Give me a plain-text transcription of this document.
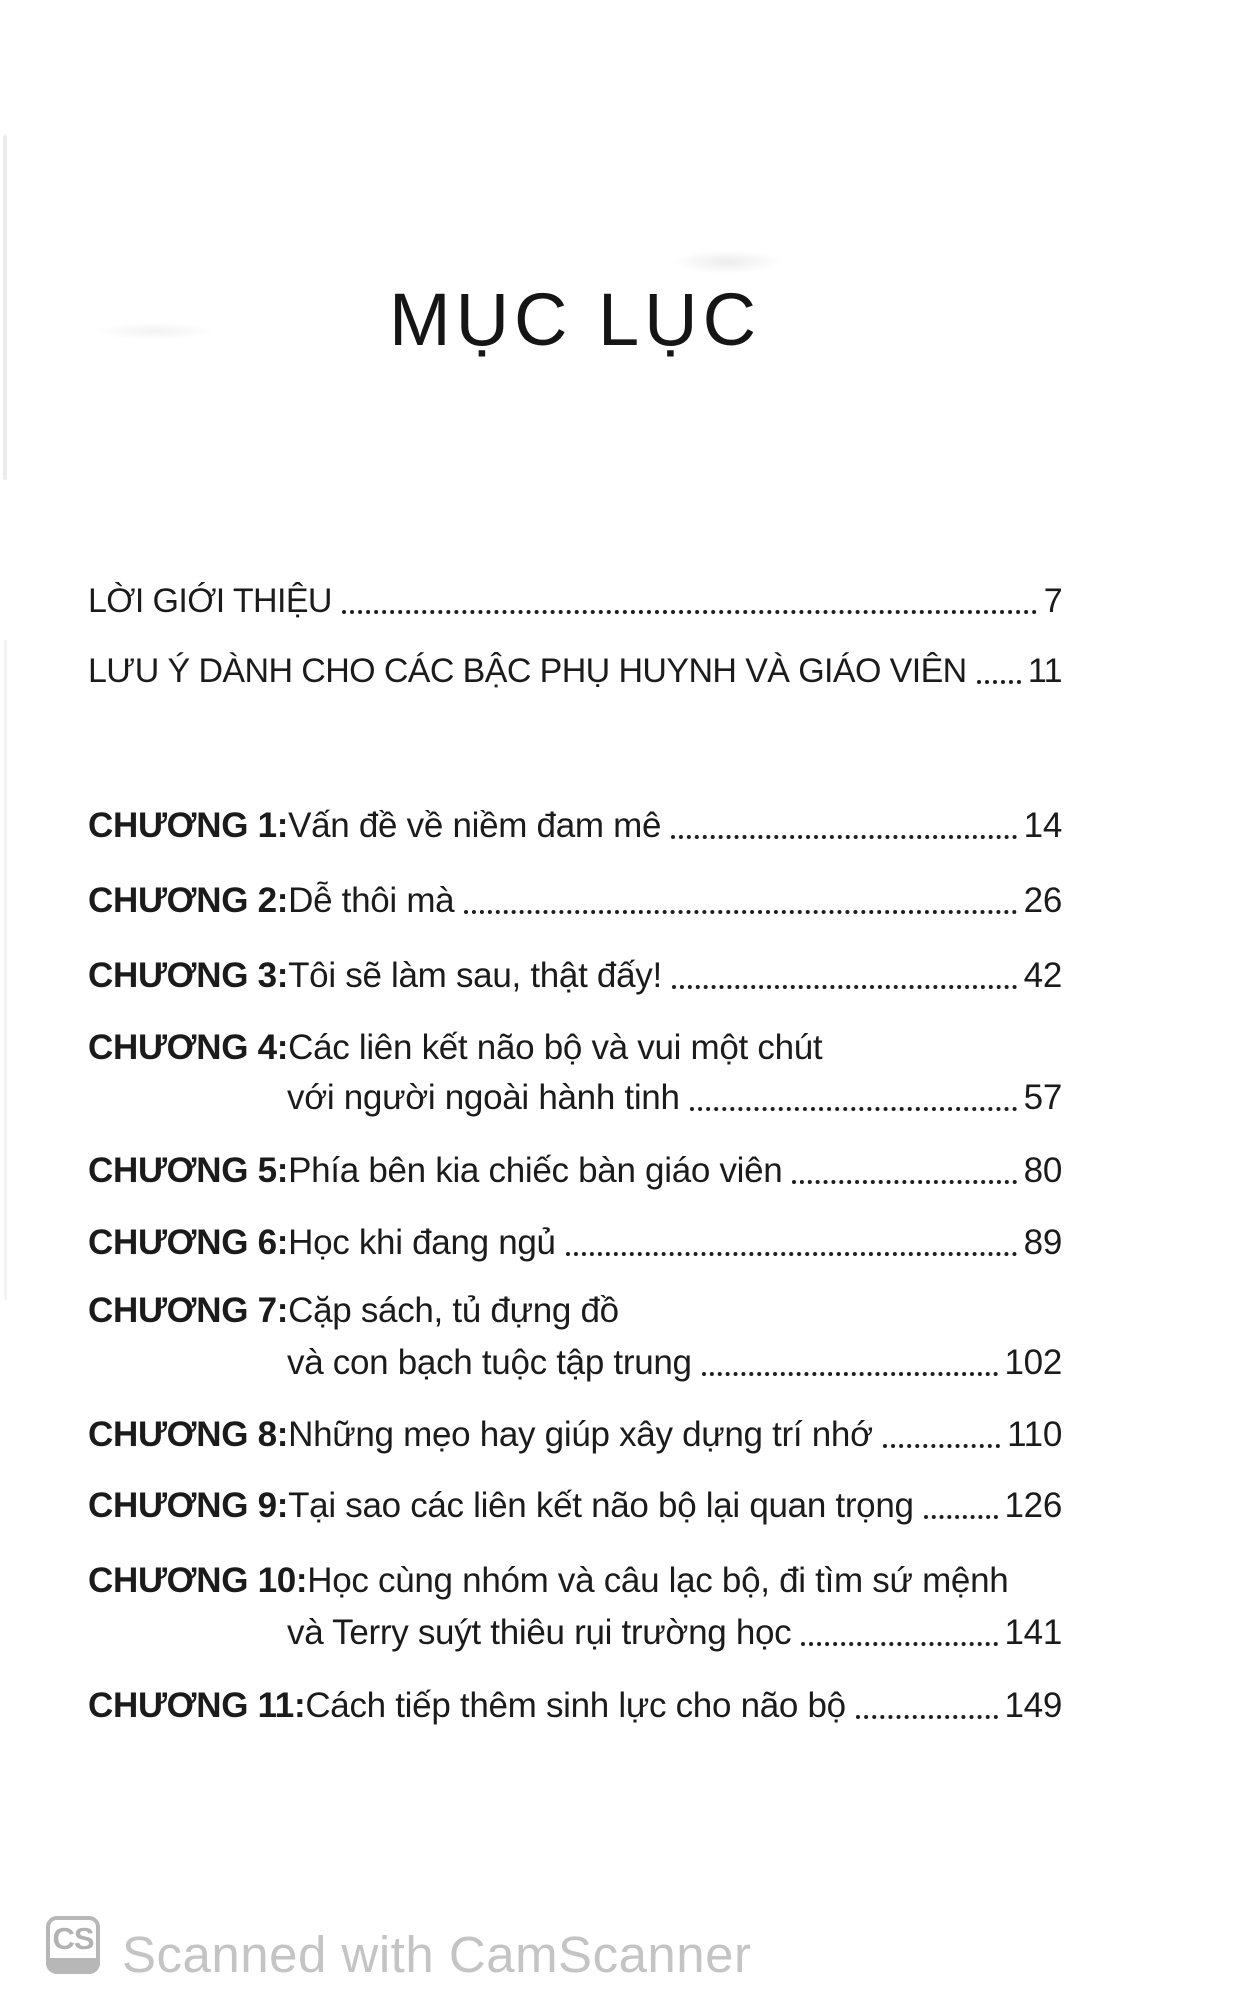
MỤC LỤC
LỜI GIỚI THIỆU	7
LƯU Ý DÀNH CHO CÁC BẬC PHỤ HUYNH VÀ GIÁO VIÊN 11
CHƯƠNG 1: Vấn đề về niềm đam mê	14
CHƯƠNG 2: Dễ thôi mà	26
CHƯƠNG 3: Tôi sẽ làm sau, thật đấy!	42
CHƯƠNG 4: Các liên kết não bộ và vui một chút
với người ngoài hành tinh	57
CHƯƠNG 5: Phía bên kia chiếc bàn giáo viên	80
CHƯƠNG 6: Học khi đang ngủ	89
CHƯƠNG 7: Cặp sách, tủ đựng đồ
và con bạch tuộc tập trung	102
CHƯƠNG 8: Những mẹo hay giúp xây dựng trí nhớ	110
CHƯƠNG 9: Tại sao các liên kết não bộ lại quan trọng	126
CHƯƠNG 10: Học cùng nhóm và câu lạc bộ, đi tìm sứ mệnh
và Terry suýt thiêu rụi trường học	141
CHƯƠNG 11: Cách tiếp thêm sinh lực cho não bộ	149
CS Scanned with CamScanner
